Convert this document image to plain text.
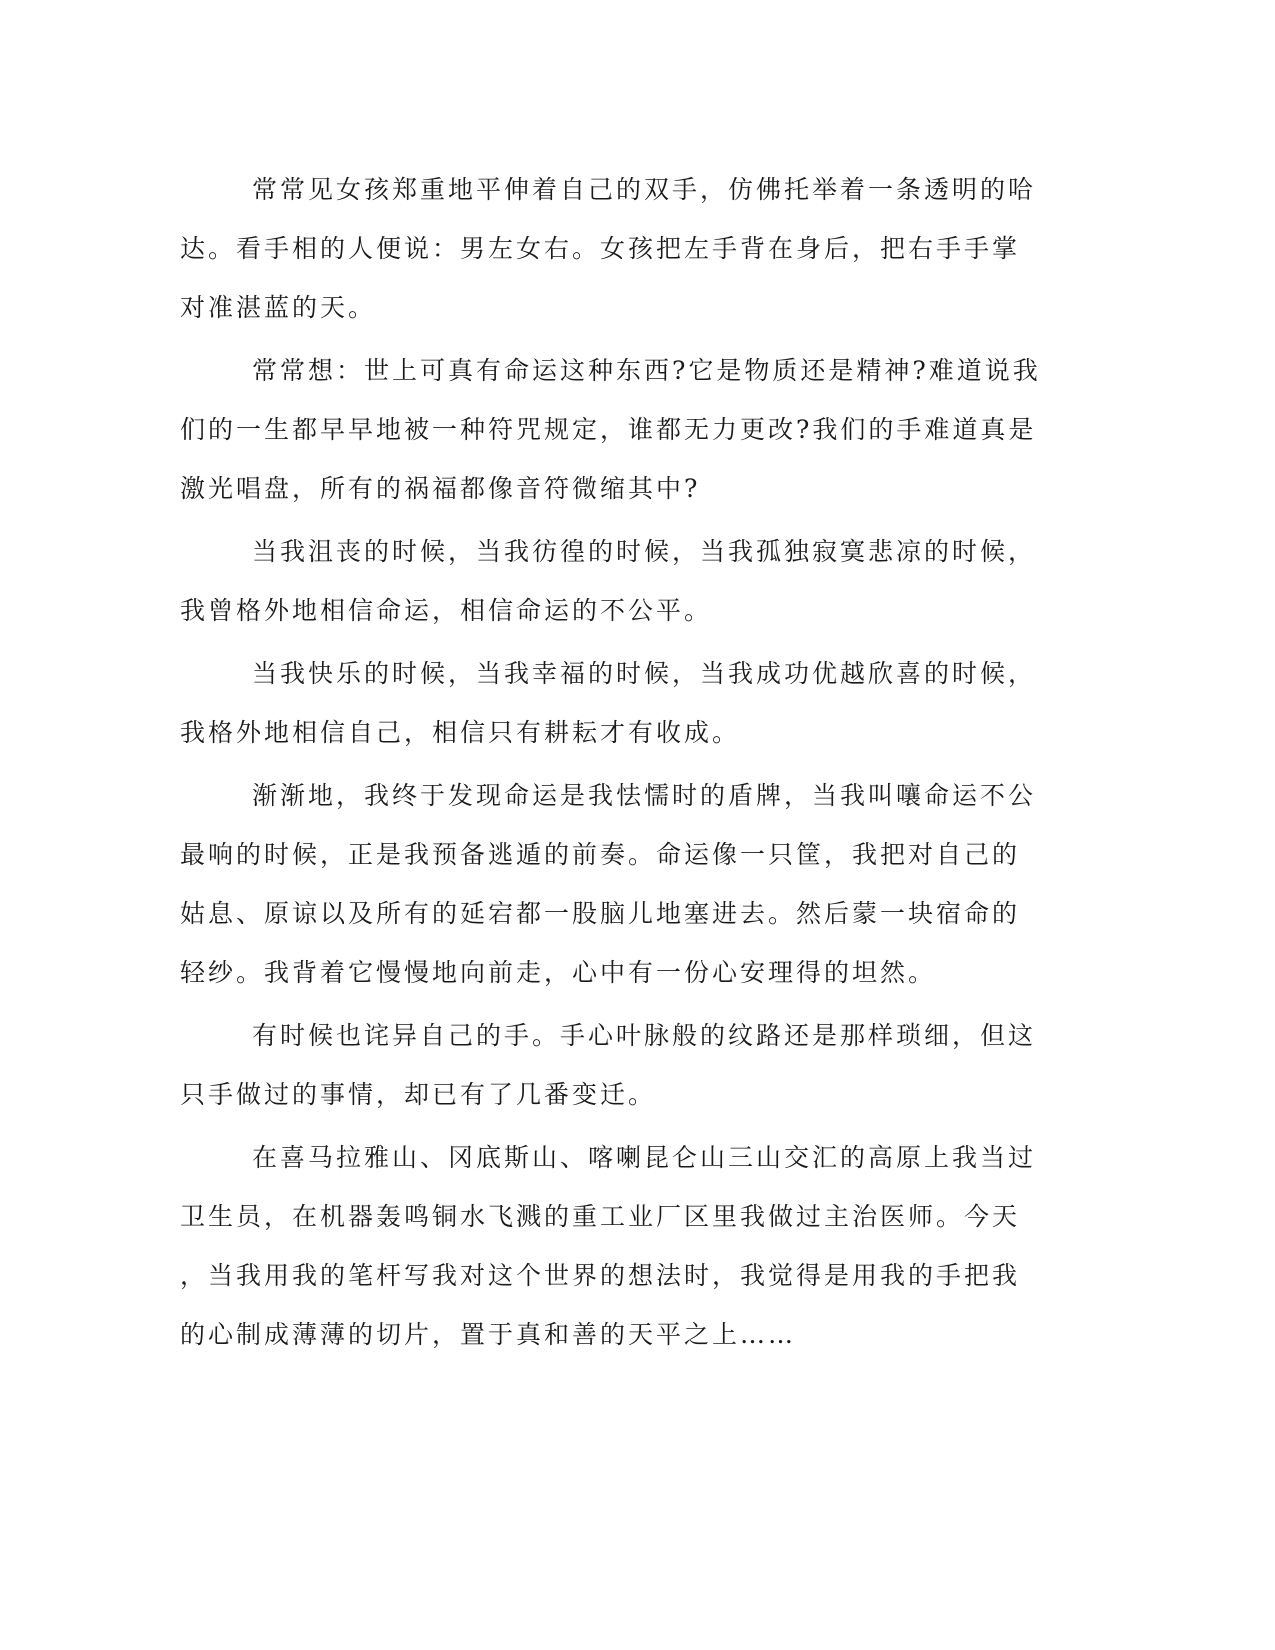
常常见女孩郑重地平伸着自己的双手，仿佛托举着一条透明的哈
达。看手相的人便说：男左女右。女孩把左手背在身后，把右手手掌
对准湛蓝的天。

常常想：世上可真有命运这种东西?它是物质还是精神?难道说我
们的一生都早早地被一种符咒规定，谁都无力更改?我们的手难道真是
激光唱盘，所有的祸福都像音符微缩其中?

当我沮丧的时候，当我彷徨的时候，当我孤独寂寞悲凉的时候，
我曾格外地相信命运，相信命运的不公平。

当我快乐的时候，当我幸福的时候，当我成功优越欣喜的时候，
我格外地相信自己，相信只有耕耘才有收成。

渐渐地，我终于发现命运是我怯懦时的盾牌，当我叫嚷命运不公
最响的时候，正是我预备逃遁的前奏。命运像一只筐，我把对自己的
姑息、原谅以及所有的延宕都一股脑儿地塞进去。然后蒙一块宿命的
轻纱。我背着它慢慢地向前走，心中有一份心安理得的坦然。

有时候也诧异自己的手。手心叶脉般的纹路还是那样琐细，但这
只手做过的事情，却已有了几番变迁。

在喜马拉雅山、冈底斯山、喀喇昆仑山三山交汇的高原上我当过
卫生员，在机器轰鸣铜水飞溅的重工业厂区里我做过主治医师。今天
，当我用我的笔杆写我对这个世界的想法时，我觉得是用我的手把我
的心制成薄薄的切片，置于真和善的天平之上……
